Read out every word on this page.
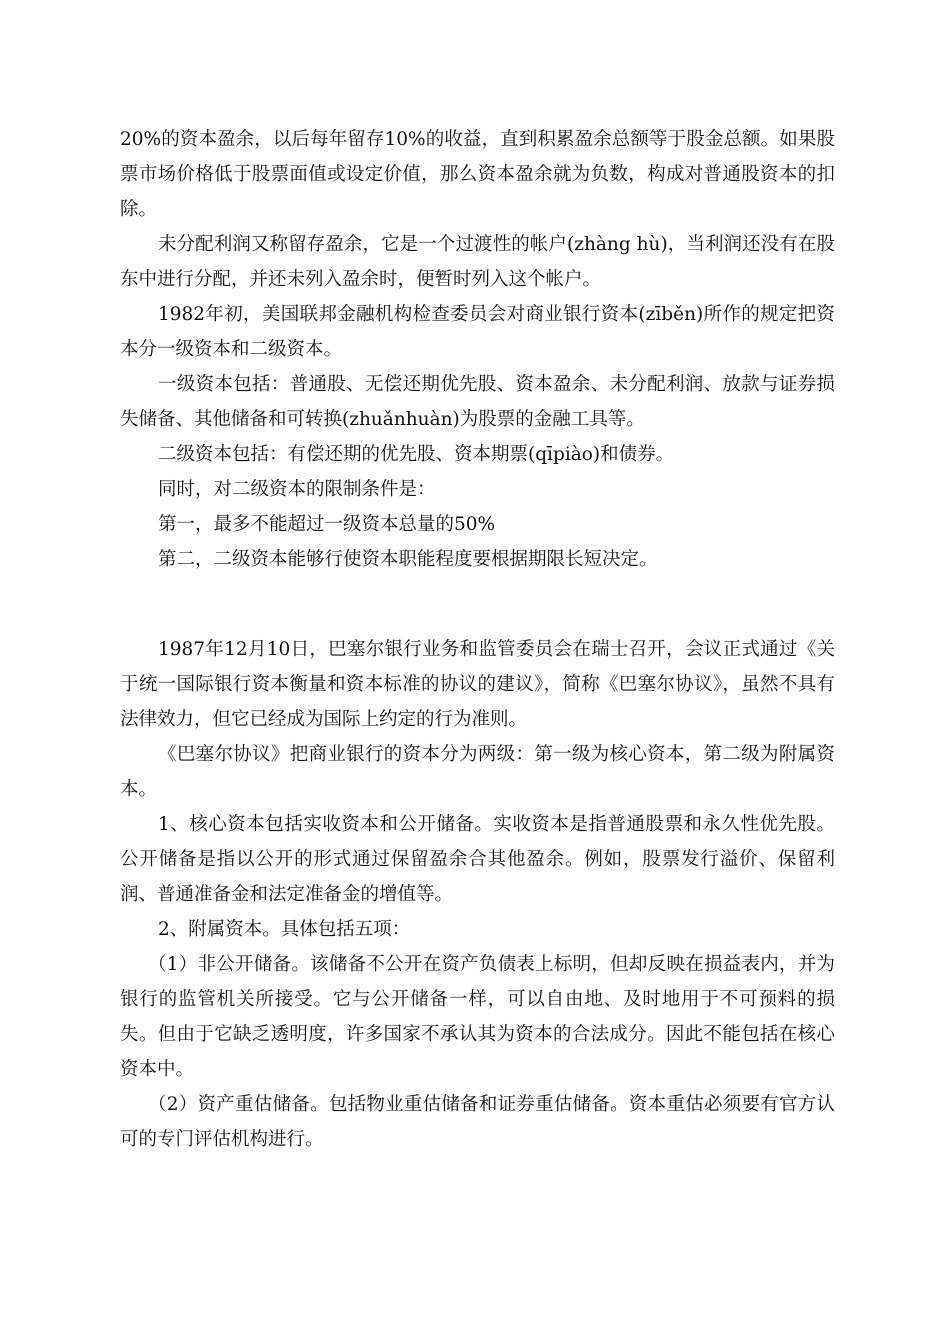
20%的资本盈余，以后每年留存10%的收益，直到积累盈余总额等于股金总额。如果股票市场价格低于股票面值或设定价值，那么资本盈余就为负数，构成对普通股资本的扣除。

未分配利润又称留存盈余，它是一个过渡性的帐户(zhàng hù)，当利润还没有在股东中进行分配，并还未列入盈余时，便暂时列入这个帐户。

1982年初，美国联邦金融机构检查委员会对商业银行资本(zīběn)所作的规定把资本分一级资本和二级资本。

一级资本包括：普通股、无偿还期优先股、资本盈余、未分配利润、放款与证券损失储备、其他储备和可转换(zhuǎnhuàn)为股票的金融工具等。

二级资本包括：有偿还期的优先股、资本期票(qīpiào)和债券。

同时，对二级资本的限制条件是：

第一，最多不能超过一级资本总量的50%

第二，二级资本能够行使资本职能程度要根据期限长短决定。

1987年12月10日，巴塞尔银行业务和监管委员会在瑞士召开，会议正式通过《关于统一国际银行资本衡量和资本标准的协议的建议》，简称《巴塞尔协议》，虽然不具有法律效力，但它已经成为国际上约定的行为准则。

《巴塞尔协议》把商业银行的资本分为两级：第一级为核心资本，第二级为附属资本。

1、核心资本包括实收资本和公开储备。实收资本是指普通股票和永久性优先股。公开储备是指以公开的形式通过保留盈余合其他盈余。例如，股票发行溢价、保留利润、普通准备金和法定准备金的增值等。

2、附属资本。具体包括五项：

（1）非公开储备。该储备不公开在资产负债表上标明，但却反映在损益表内，并为银行的监管机关所接受。它与公开储备一样，可以自由地、及时地用于不可预料的损失。但由于它缺乏透明度，许多国家不承认其为资本的合法成分。因此不能包括在核心资本中。

（2）资产重估储备。包括物业重估储备和证券重估储备。资本重估必须要有官方认可的专门评估机构进行。
